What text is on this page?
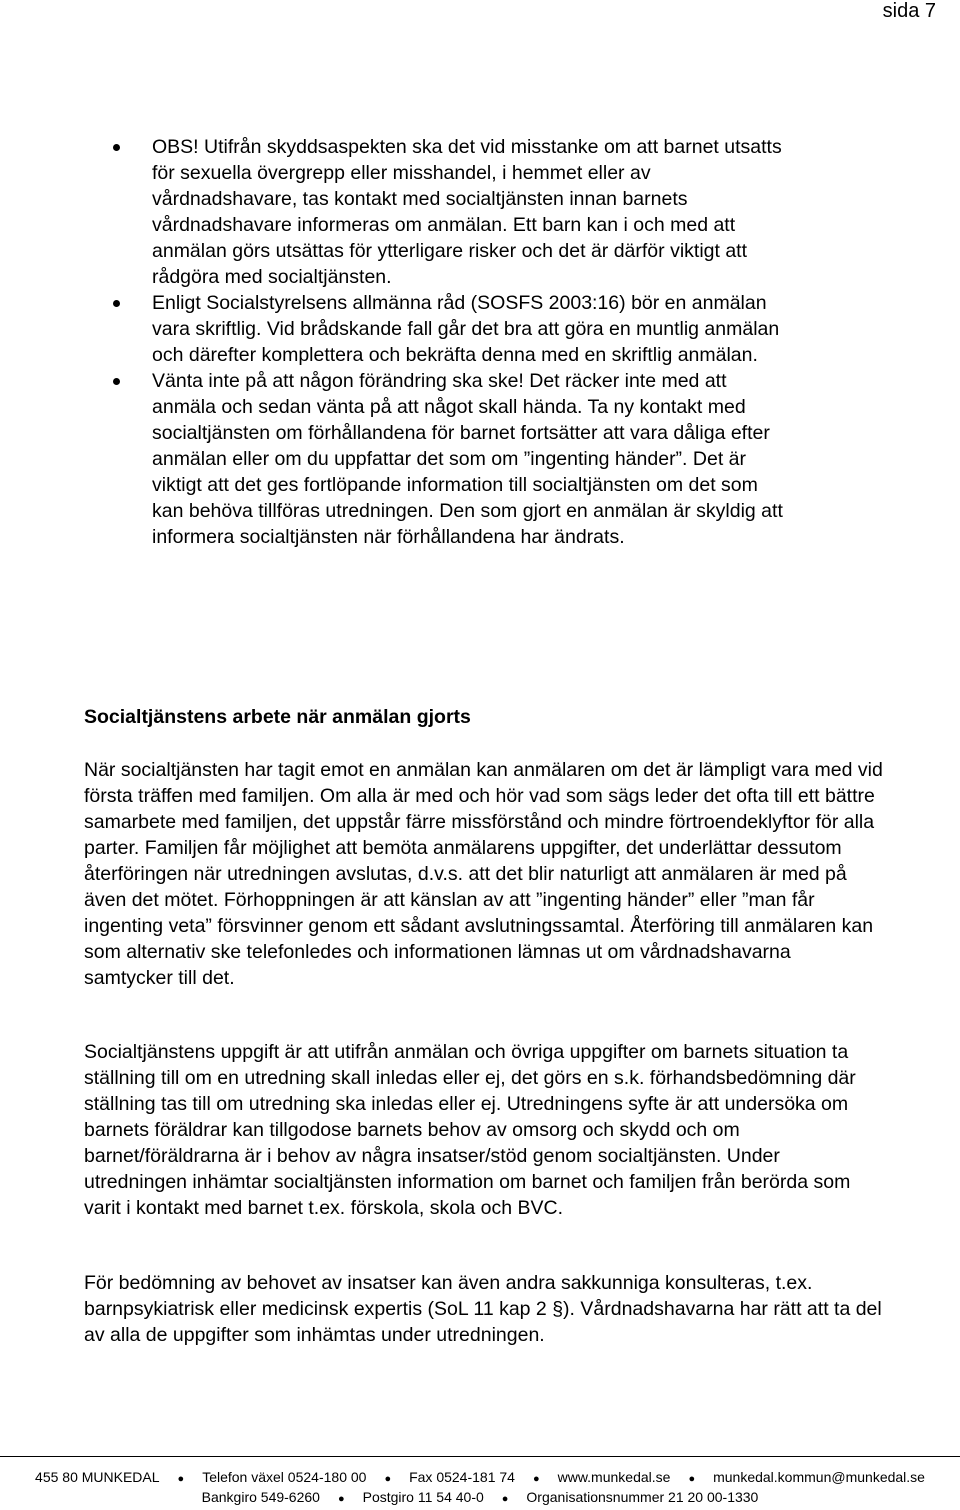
sida 7
OBS! Utifrån skyddsaspekten ska det vid misstanke om att barnet utsatts för sexuella övergrepp eller misshandel, i hemmet eller av vårdnadshavare, tas kontakt med socialtjänsten innan barnets vårdnadshavare informeras om anmälan. Ett barn kan i och med att anmälan görs utsättas för ytterligare risker och det är därför viktigt att rådgöra med socialtjänsten.
Enligt Socialstyrelsens allmänna råd (SOSFS 2003:16) bör en anmälan vara skriftlig. Vid brådskande fall går det bra att göra en muntlig anmälan och därefter komplettera och bekräfta denna med en skriftlig anmälan.
Vänta inte på att någon förändring ska ske! Det räcker inte med att anmäla och sedan vänta på att något skall hända. Ta ny kontakt med socialtjänsten om förhållandena för barnet fortsätter att vara dåliga efter anmälan eller om du uppfattar det som om ”ingenting händer”. Det är viktigt att det ges fortlöpande information till socialtjänsten om det som kan behöva tillföras utredningen. Den som gjort en anmälan är skyldig att informera socialtjänsten när förhållandena har ändrats.
Socialtjänstens arbete när anmälan gjorts

När socialtjänsten har tagit emot en anmälan kan anmälaren om det är lämpligt vara med vid första träffen med familjen. Om alla är med och hör vad som sägs leder det ofta till ett bättre samarbete med familjen, det uppstår färre missförstånd och mindre förtroendeklyftor för alla parter. Familjen får möjlighet att bemöta anmälarens uppgifter, det underlättar dessutom återföringen när utredningen avslutas, d.v.s. att det blir naturligt att anmälaren är med på även det mötet. Förhoppningen är att känslan av att ”ingenting händer” eller ”man får ingenting veta” försvinner genom ett sådant avslutningssamtal. Återföring till anmälaren kan som alternativ ske telefonledes och informationen lämnas ut om vårdnadshavarna samtycker till det.

Socialtjänstens uppgift är att utifrån anmälan och övriga uppgifter om barnets situation ta ställning till om en utredning skall inledas eller ej, det görs en s.k. förhandsbedömning där ställning tas till om utredning ska inledas eller ej. Utredningens syfte är att undersöka om barnets föräldrar kan tillgodose barnets behov av omsorg och skydd och om barnet/föräldrarna är i behov av några insatser/stöd genom socialtjänsten. Under utredningen inhämtar socialtjänsten information om barnet och familjen från berörda som varit i kontakt med barnet t.ex. förskola, skola och BVC.

För bedömning av behovet av insatser kan även andra sakkunniga konsulteras, t.ex. barnpsykiatrisk eller medicinsk expertis (SoL 11 kap 2 §). Vårdnadshavarna har rätt att ta del av alla de uppgifter som inhämtas under utredningen.

455 80 MUNKEDAL ● Telefon växel 0524-180 00 ● Fax 0524-181 74 ● www.munkedal.se ● munkedal.kommun@munkedal.se
Bankgiro 549-6260 ● Postgiro 11 54 40-0 ● Organisationsnummer 21 20 00-1330
